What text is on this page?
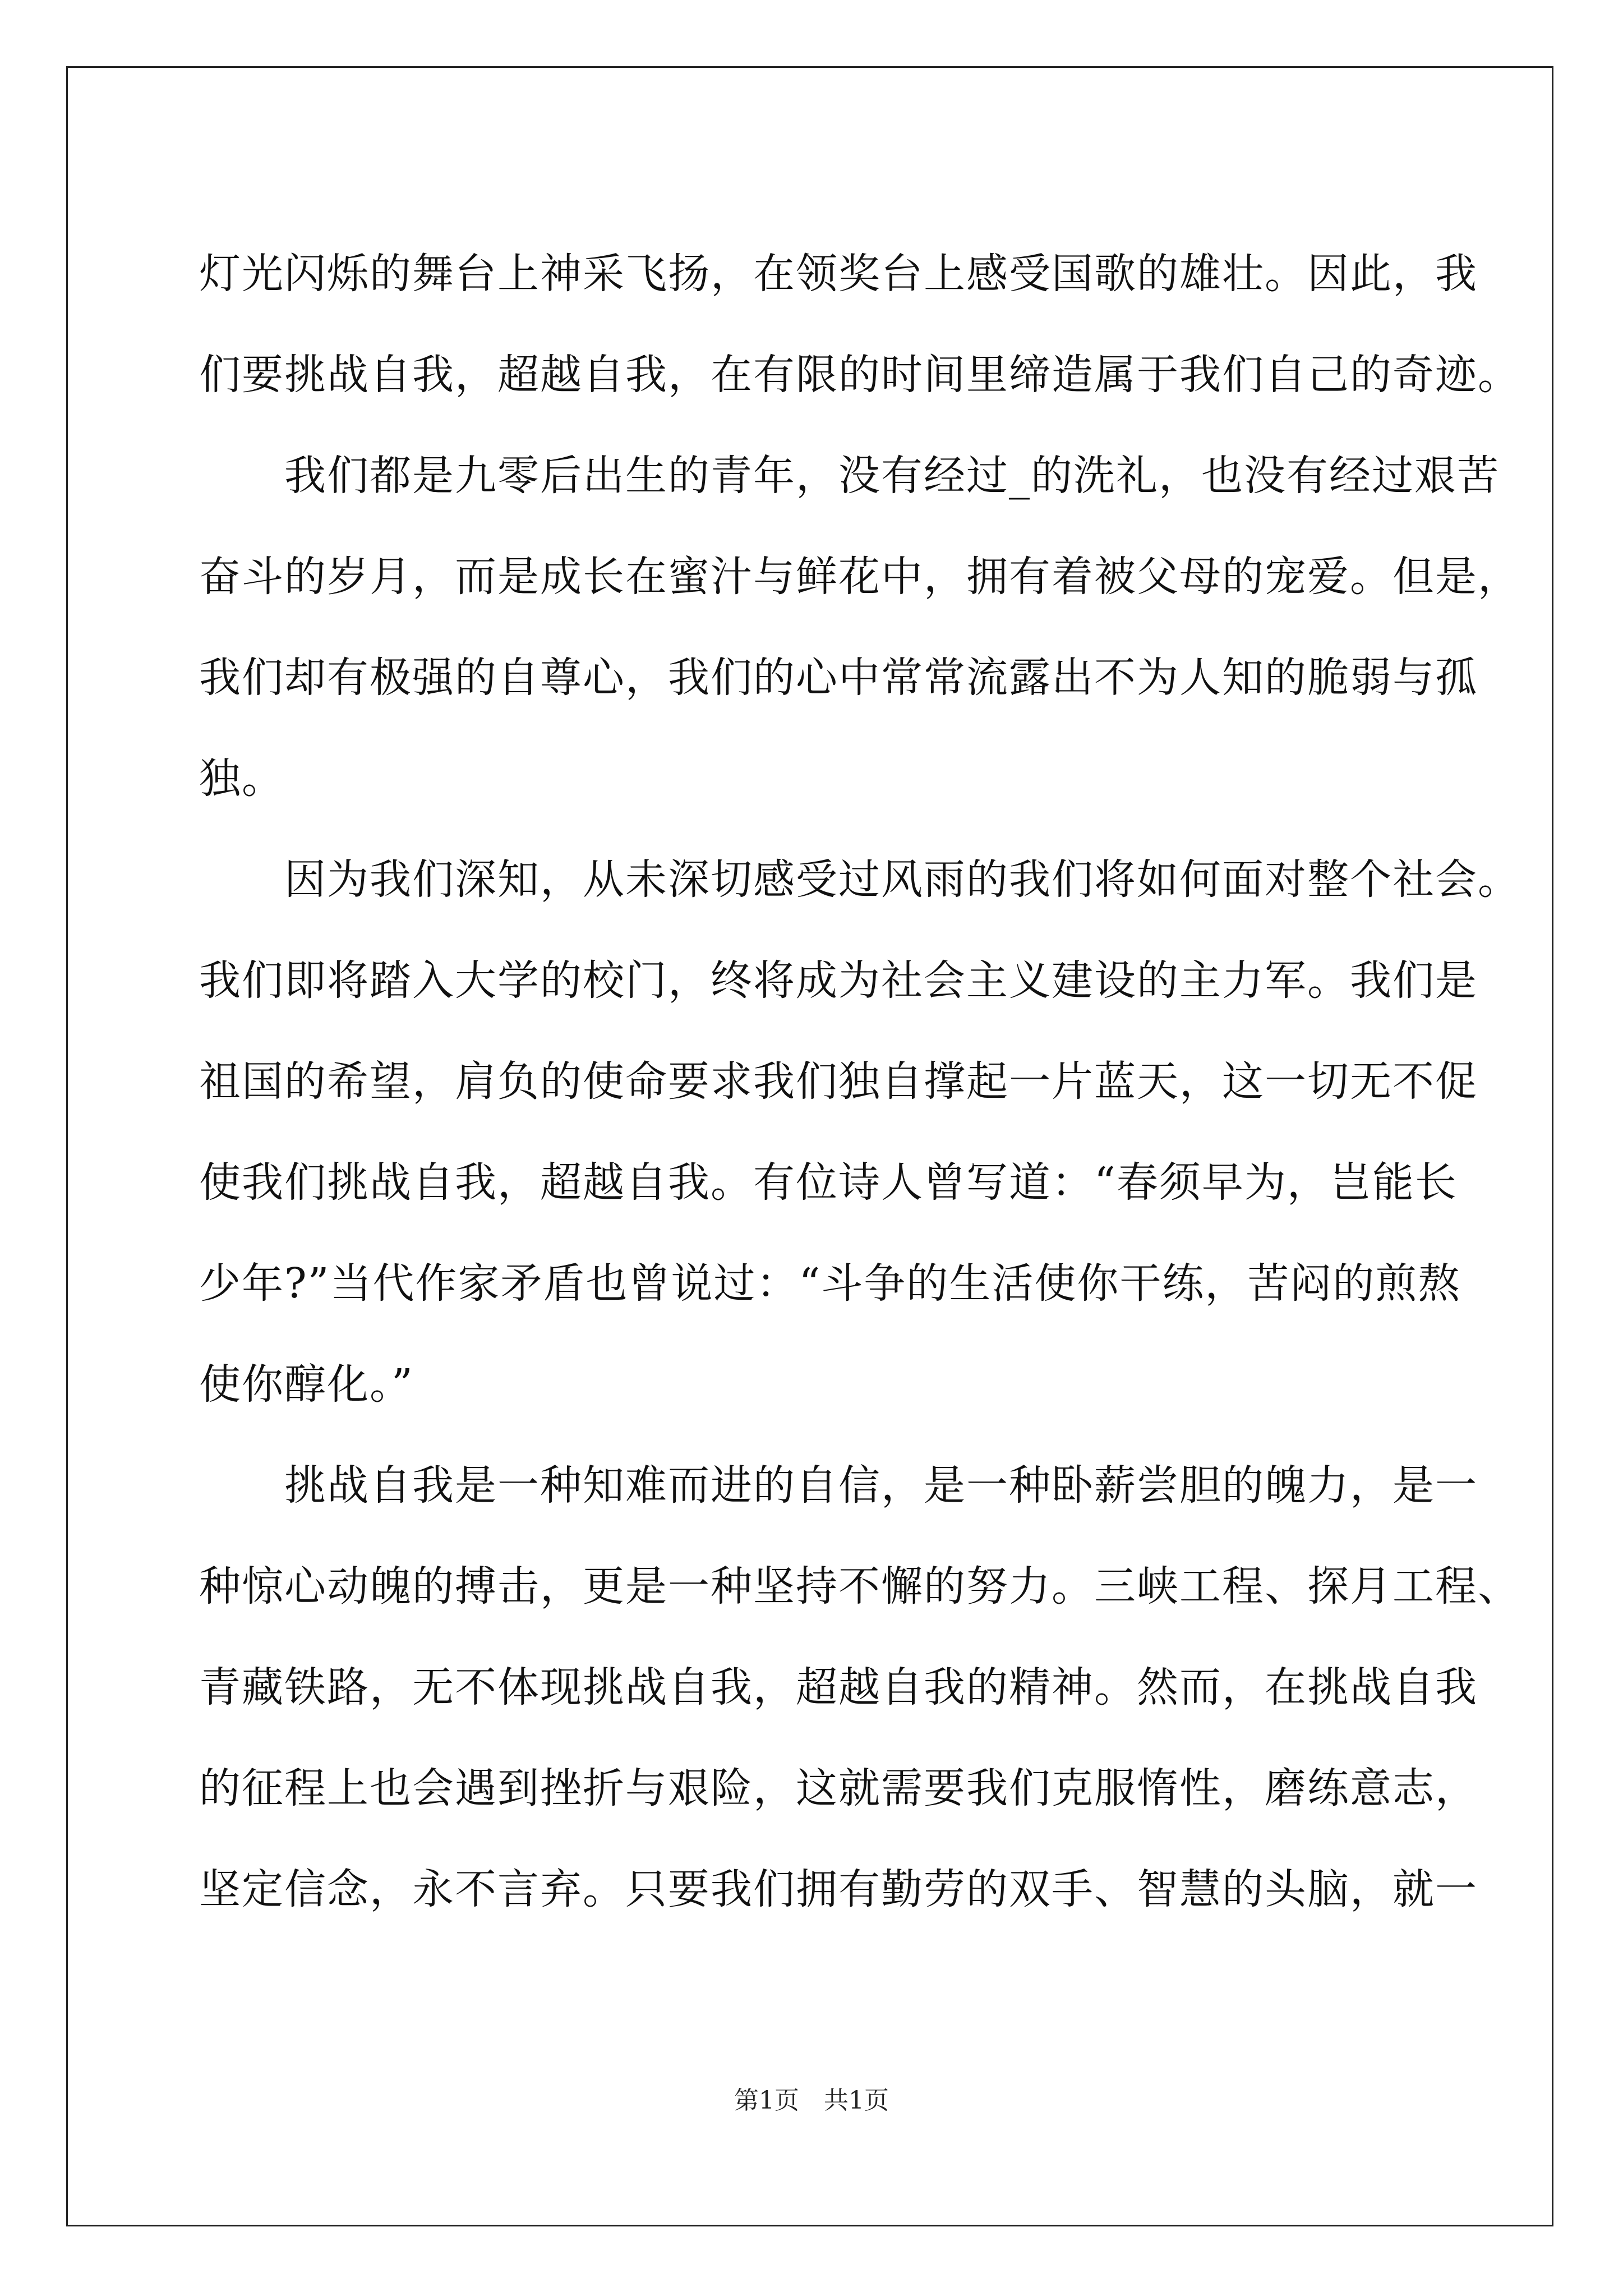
灯光闪烁的舞台上神采飞扬，在领奖台上感受国歌的雄壮。因此，我
们要挑战自我，超越自我，在有限的时间里缔造属于我们自己的奇迹。
　　我们都是九零后出生的青年，没有经过_的洗礼，也没有经过艰苦
奋斗的岁月，而是成长在蜜汁与鲜花中，拥有着被父母的宠爱。但是，
我们却有极强的自尊心，我们的心中常常流露出不为人知的脆弱与孤
独。
　　因为我们深知，从未深切感受过风雨的我们将如何面对整个社会。
我们即将踏入大学的校门，终将成为社会主义建设的主力军。我们是
祖国的希望，肩负的使命要求我们独自撑起一片蓝天，这一切无不促
使我们挑战自我，超越自我。有位诗人曾写道：“春须早为，岂能长
少年?”当代作家矛盾也曾说过：“斗争的生活使你干练，苦闷的煎熬
使你醇化。”
　　挑战自我是一种知难而进的自信，是一种卧薪尝胆的魄力，是一
种惊心动魄的搏击，更是一种坚持不懈的努力。三峡工程、探月工程、
青藏铁路，无不体现挑战自我，超越自我的精神。然而，在挑战自我
的征程上也会遇到挫折与艰险，这就需要我们克服惰性，磨练意志，
坚定信念，永不言弃。只要我们拥有勤劳的双手、智慧的头脑，就一
第1页　共1页
